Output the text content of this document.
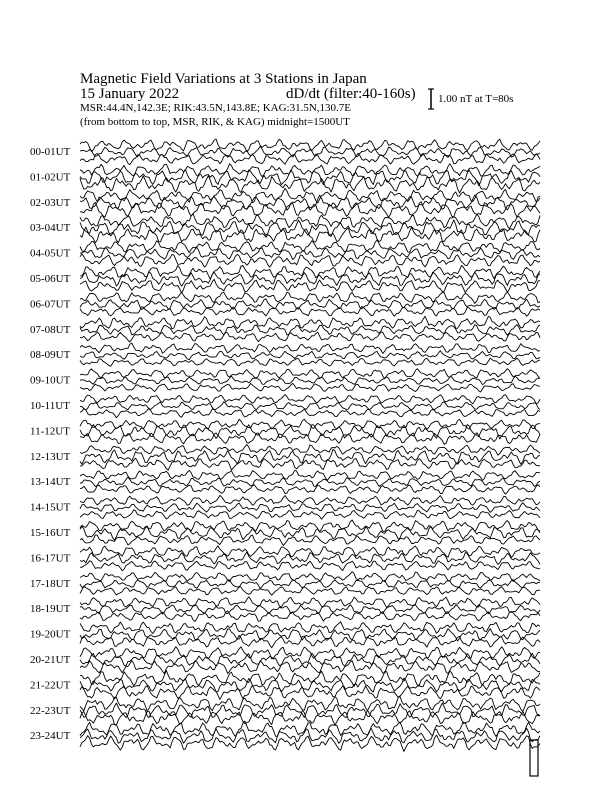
Magnetic Field Variations at 3 Stations in Japan
15 January 2022	dD/dt (filter:40-160s)
MSR:44.4N,142.3E; RIK:43.5N,143.8E; KAG:31.5N,130.7E
(from bottom to top, MSR, RIK, & KAG) midnight=1500UT
1.00 nT at T=80s
00-01UT
01-02UT
02-03UT
03-04UT
04-05UT
05-06UT
06-07UT
07-08UT
08-09UT
09-10UT
10-11UT
11-12UT
12-13UT
13-14UT
14-15UT
15-16UT
16-17UT
17-18UT
18-19UT
19-20UT
20-21UT
21-22UT
22-23UT
23-24UT
